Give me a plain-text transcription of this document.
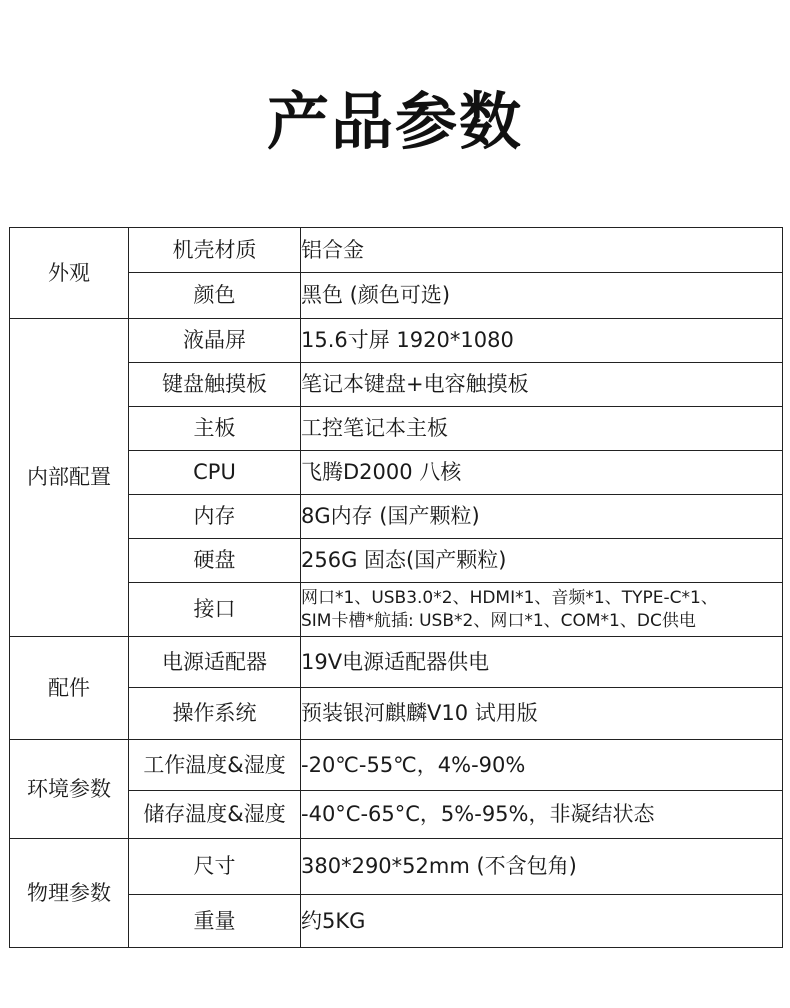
产品参数
外观	机壳材质	铝合金
	颜色	黑色 (颜色可选)
内部配置	液晶屏	15.6寸屏 1920*1080
	键盘触摸板	笔记本键盘+电容触摸板
	主板	工控笔记本主板
	CPU	飞腾D2000 八核
	内存	8G内存 (国产颗粒)
	硬盘	256G 固态(国产颗粒)
	接口	网口*1、USB3.0*2、HDMI*1、音频*1、TYPE-C*1、
SIM卡槽*航插: USB*2、网口*1、COM*1、DC供电

配件	电源适配器	19V电源适配器供电
	操作系统	预装银河麒麟V10 试用版
环境参数	工作温度&湿度	-20℃-55℃，4%-90%
	储存温度&湿度	-40°C-65°C，5%-95%，非凝结状态
物理参数	尺寸	380*290*52mm (不含包角)
	重量	约5KG
